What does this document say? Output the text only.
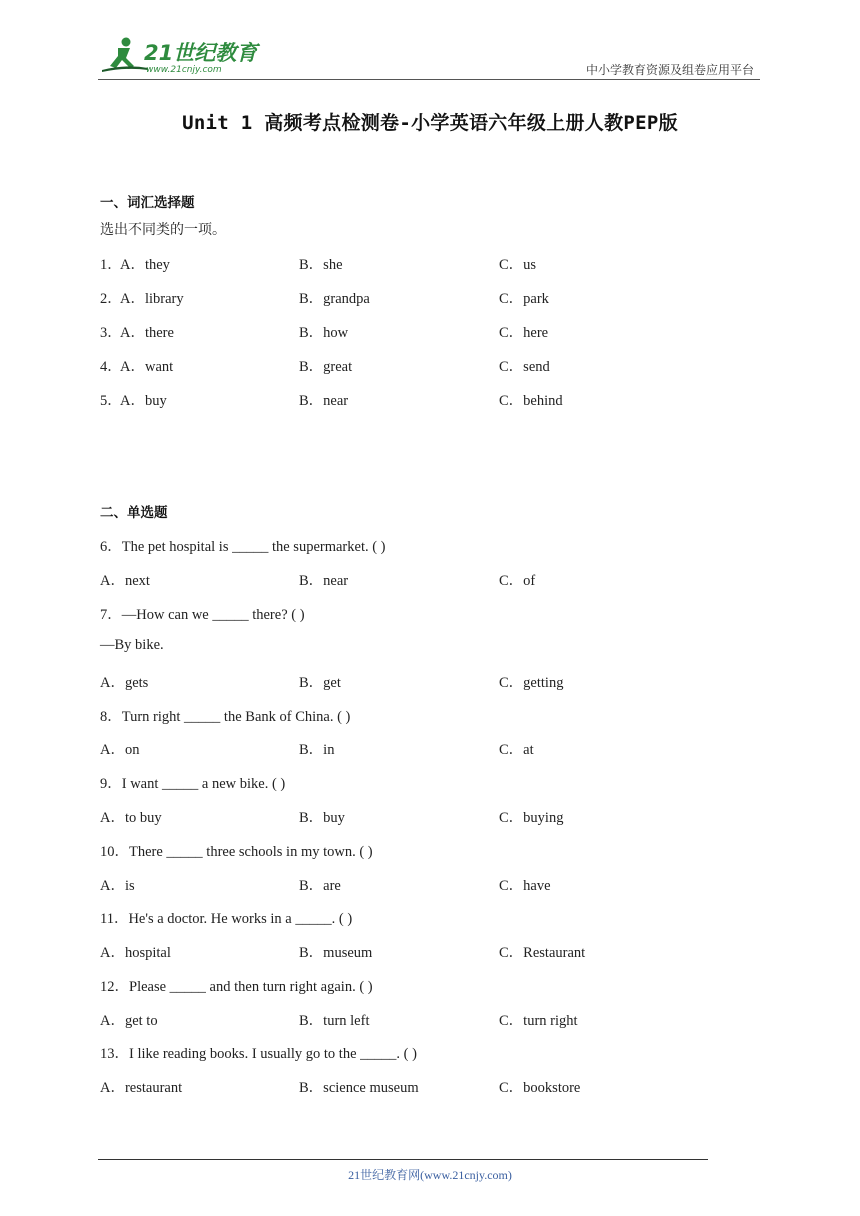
21世纪教育
www.21cnjy.com	中小学教育资源及组卷应用平台
Unit 1 高频考点检测卷-小学英语六年级上册人教PEP版
一、词汇选择题
选出不同类的一项。
1．
A．they	B．she	C．us
2．
A．library	B．grandpa	C．park
3．
A．there	B．how	C．here
4．
A．want	B．great	C．send
5．
A．buy	B．near	C．behind
二、单选题
6．The pet hospital is _____ the supermarket. ( )
A．next	B．near	C．of
7．—How can we _____ there? ( )
—By bike.
A．gets	B．get	C．getting
8．Turn right _____ the Bank of China. ( )
A．on	B．in	C．at
9．I want _____ a new bike. ( )
A．to buy	B．buy	C．buying
10．There _____ three schools in my town. ( )
A．is	B．are	C．have
11．He's a doctor. He works in a _____. ( )
A．hospital	B．museum	C．Restaurant
12．Please _____ and then turn right again. ( )
A．get to	B．turn left	C．turn right
13．I like reading books. I usually go to the _____. ( )
A．restaurant	B．science museum	C．bookstore
21世纪教育网(www.21cnjy.com)
